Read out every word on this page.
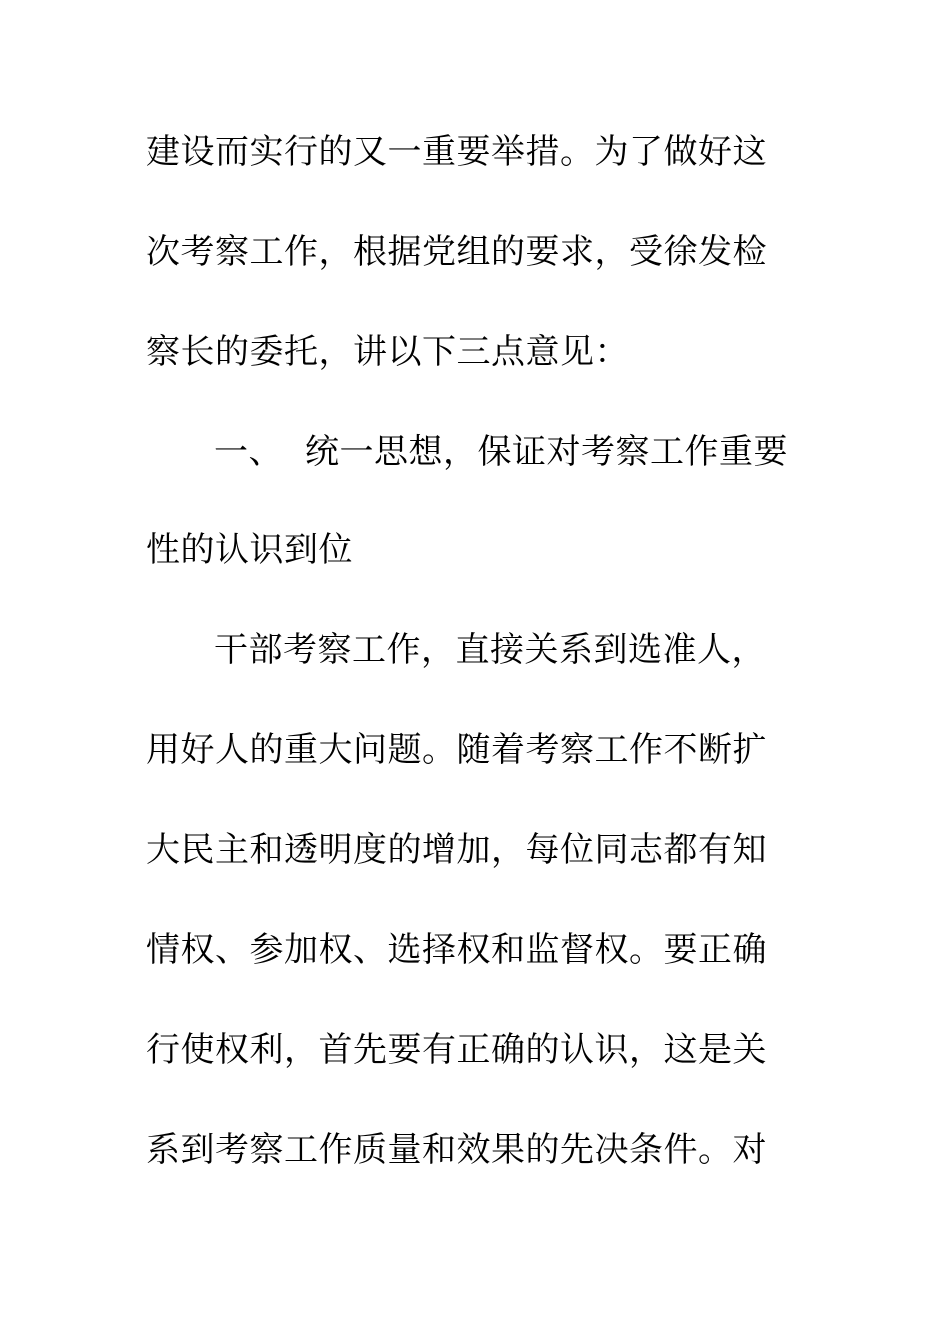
建设而实行的又一重要举措。为了做好这
次考察工作，根据党组的要求，受徐发检
察长的委托，讲以下三点意见：
一、 统一思想，保证对考察工作重要
性的认识到位
干部考察工作，直接关系到选准人，
用好人的重大问题。随着考察工作不断扩
大民主和透明度的增加，每位同志都有知
情权、参加权、选择权和监督权。要正确
行使权利，首先要有正确的认识，这是关
系到考察工作质量和效果的先决条件。对
